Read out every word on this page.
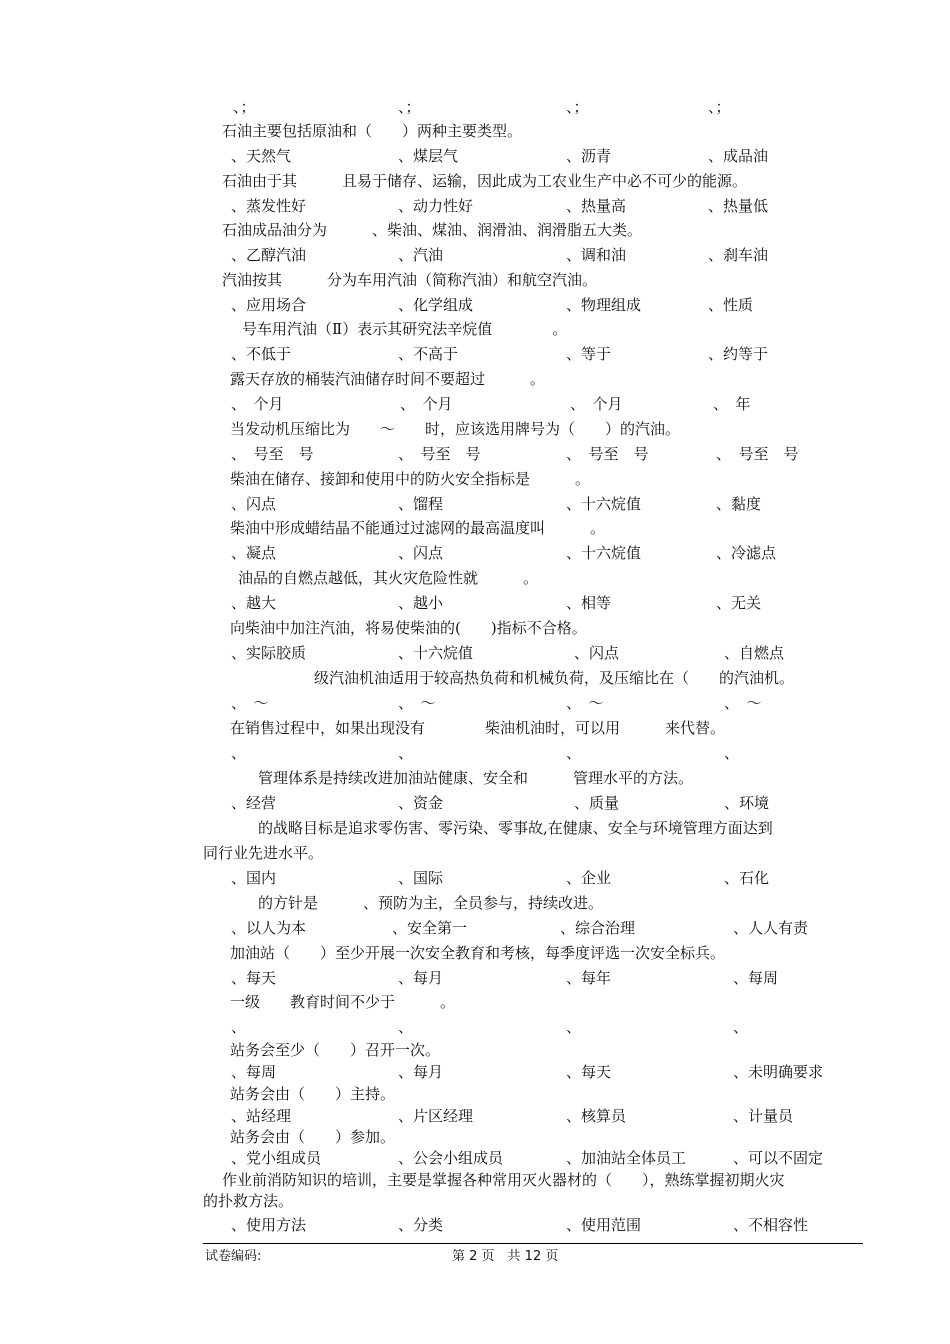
、；	、；	、；	、；
石油主要包括原油和（　　）两种主要类型。
、天然气	、煤层气	、沥青	、成品油
石油由于其　　　且易于储存、运输，因此成为工农业生产中必不可少的能源。
、蒸发性好	、动力性好	、热量高	、热量低
石油成品油分为　　　、柴油、煤油、润滑油、润滑脂五大类。
、乙醇汽油	、汽油	、调和油	、刹车油
汽油按其　　　分为车用汽油（简称汽油）和航空汽油。
、应用场合	、化学组成	、物理组成	、性质
号车用汽油（Ⅱ）表示其研究法辛烷值　　　　。
、不低于	、不高于	、等于	、约等于
露天存放的桶装汽油储存时间不要超过　　　。
、　个月	、　个月	、　个月	、　年
当发动机压缩比为　　～　　时，应该选用牌号为（　　）的汽油。
、　号至　号	、　号至　号	、　号至　号	、　号至　号
柴油在储存、接卸和使用中的防火安全指标是　　　。
、闪点	、馏程	、十六烷值	、黏度
柴油中形成蜡结晶不能通过过滤网的最高温度叫　　　。
、凝点	、闪点	、十六烷值	、冷滤点
油品的自燃点越低，其火灾危险性就　　　。
、越大	、越小	、相等	、无关
向柴油中加注汽油，将易使柴油的(　　)指标不合格。
、实际胶质	、十六烷值	、闪点	、自燃点
级汽油机油适用于较高热负荷和机械负荷，及压缩比在（　　的汽油机。
、　～	、　～	、　～	、　～
在销售过程中，如果出现没有　　　　柴油机油时，可以用　　　来代替。
、	、	、	、
管理体系是持续改进加油站健康、安全和　　　管理水平的方法。
、经营	、资金	、质量	、环境
的战略目标是追求零伤害、零污染、零事故,在健康、安全与环境管理方面达到
同行业先进水平。
、国内	、国际	、企业	、石化
的方针是　　　、预防为主，全员参与，持续改进。
、以人为本	、安全第一	、综合治理	、人人有责
加油站（　　）至少开展一次安全教育和考核，每季度评选一次安全标兵。
、每天	、每月	、每年	、每周
一级　　教育时间不少于　　　。
、	、	、	、
站务会至少（　　）召开一次。
、每周	、每月	、每天	、未明确要求
站务会由（　　）主持。
、站经理	、片区经理	、核算员	、计量员
站务会由（　　）参加。
、党小组成员	、公会小组成员	、加油站全体员工	、可以不固定
作业前消防知识的培训，主要是掌握各种常用灭火器材的（　　），熟练掌握初期火灾
的扑救方法。
、使用方法	、分类	、使用范围	、不相容性
试卷编码:	第 2 页　共 12 页
